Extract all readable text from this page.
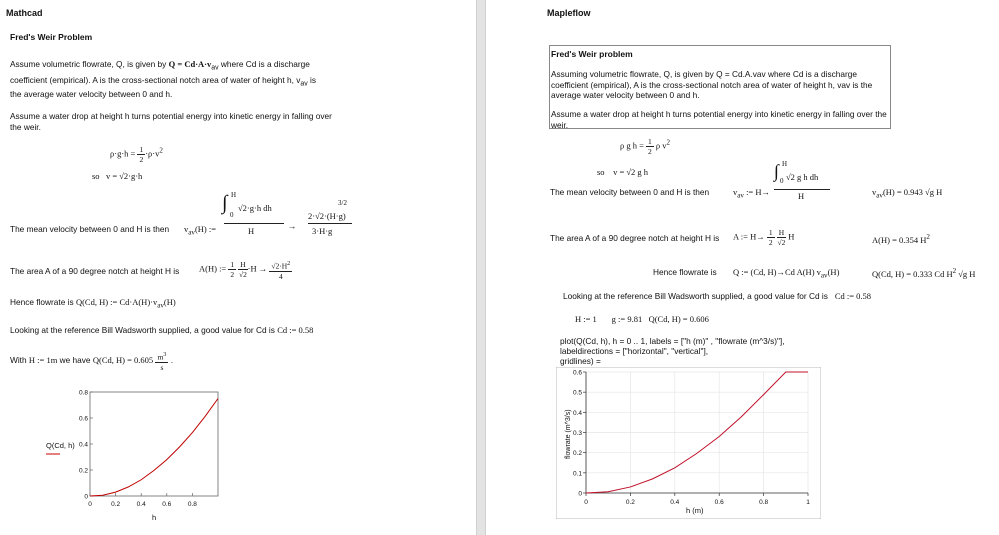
Mathcad
Fred's Weir Problem
Assume volumetric flowrate, Q, is given by $Q = Cd\cdot A\cdot v_{av}$ where Cd is a discharge
coefficient (empirical). A is the cross-sectional notch area of water of height h, $v_{av}$ is
the average water velocity between 0 and h.
Assume a water drop at height h turns potential energy into kinetic energy in falling over
the weir.
$\rho\cdot g\cdot h = \frac{1}{2} \cdot\rho\cdot v^2$
so v = √2·g·h
The mean velocity between 0 and H is then $v_{av}(H)$ :=
∫ H
0
√2·g·h dh
H	→
3/2
2·√2·(H·g)
3·H·g
The area A of a 90 degree notch at height H is A(H) := $\frac{1}{2}$
$\frac{H}{√2} \cdot H \to \frac{√2\cdot H^2}{4}$
Hence flowrate is Q(Cd, H) := $Cd\cdot A(H)\cdot v_{av}(H)$
Looking at the reference Bill Wadsworth supplied, a good value for Cd is Cd := 0.58
With H := 1m we have Q(Cd, $H) = 0.605 \frac{m^3}{s}$ .
0
0.2
0.4
0.6
0.8
0	0.2	0.4	0.6	0.8
Q(Cd, h)
h
Mapleflow
Fred's Weir problem
Assuming volumetric flowrate, Q, is given by Q = Cd.A.vav where Cd is a discharge coefficient (empirical), A is the cross-sectional notch area of water of height h, vav is the average water velocity between 0 and h.
Assume a water drop at height h turns potential energy into kinetic energy in falling over the weir.
ρ g $h = \frac{1}{2}$ ρ $v^2$
so v = √2 g h
The mean velocity between 0 and H is then	$v_{av}$ := H→
∫ H
0 √2 g h dh
H	$v_{av}(H) = 0.943$ √g H
The area A of a 90 degree notch at height H is A := $H\to \frac{1}{2}$
$\frac{H}{√2}$ H	A(H) = 0.354 $H^2$
Hence flowrate is Q := (Cd, H)→Cd A(H) $v_{av}(H)$	Q(Cd, H) = 0.333 Cd $H^2$ √g H
Looking at the reference Bill Wadsworth supplied, a good value for Cd is Cd := 0.58
H := 1 g := 9.81 Q(Cd, H) = 0.606
plot(Q(Cd, h), h = 0 .. 1, labels = ["h (m)" , "flowrate (m^3/s)"],
labeldirections = ["horizontal", "vertical"],
gridlines) =
0
0.1
0.2
0.3
0.4
0.5
0.6
0	0.2	0.4	0.6	0.8	1
flowrate (m^3/s)
h (m)
